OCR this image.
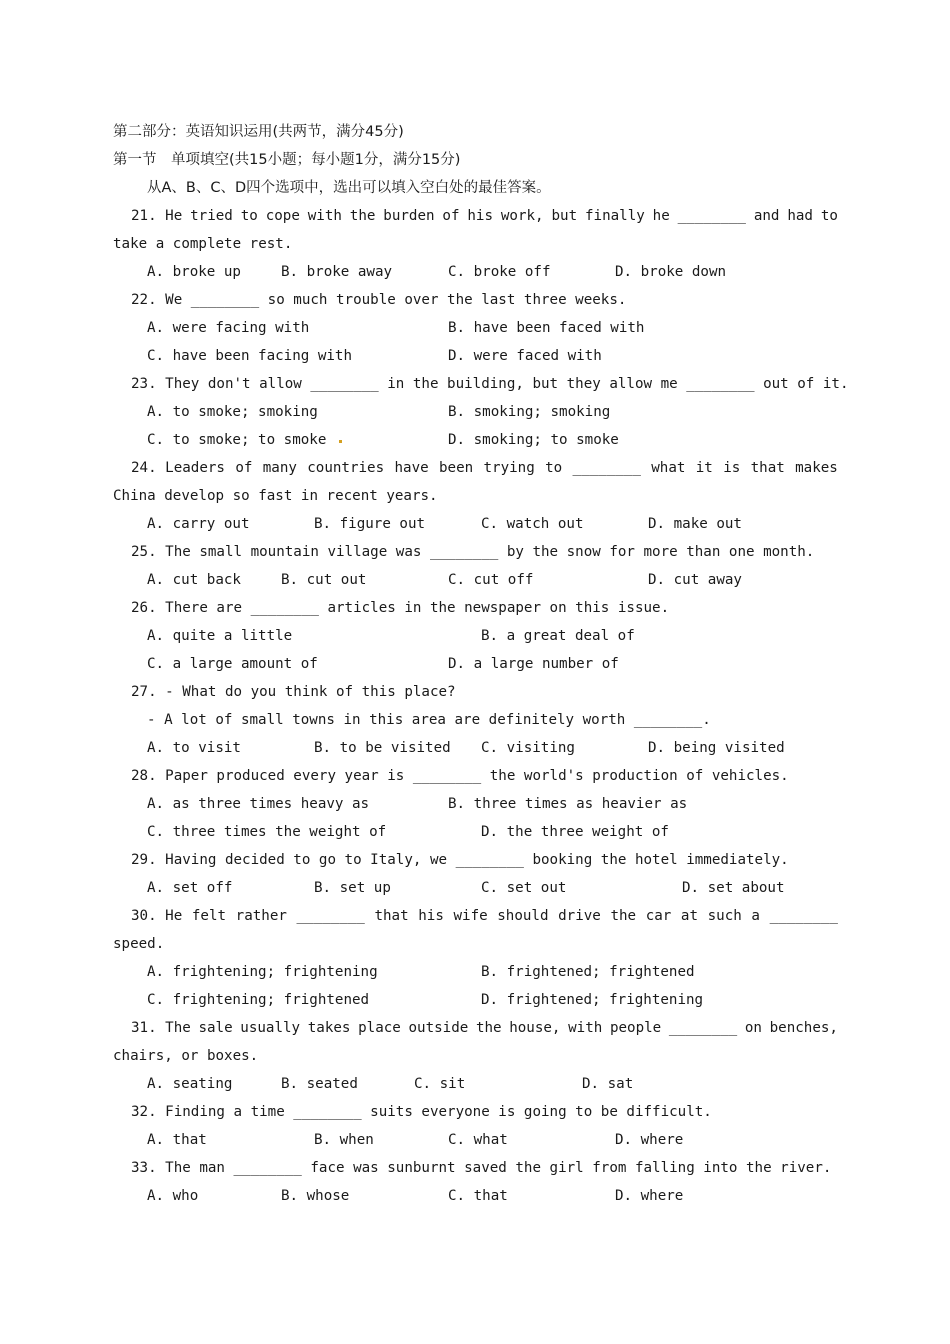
第二部分：英语知识运用(共两节，满分45分)
第一节　单项填空(共15小题；每小题1分，满分15分)
从A、B、C、D四个选项中，选出可以填入空白处的最佳答案。
21. He tried to cope with the burden of his work, but finally he ________ and had to
take a complete rest.
A. broke up	B. broke away	C. broke off	D. broke down
22. We ________ so much trouble over the last three weeks.
A. were facing with	B. have been faced with
C. have been facing with	D. were faced with
23. They don't allow ________ in the building, but they allow me ________ out of it.
A. to smoke; smoking	B. smoking; smoking
C. to smoke; to smoke	D. smoking; to smoke
24. Leaders of many countries have been trying to ________ what it is that makes
China develop so fast in recent years.
A. carry out	B. figure out	C. watch out	D. make out
25. The small mountain village was ________ by the snow for more than one month.
A. cut back	B. cut out	C. cut off	D. cut away
26. There are ________ articles in the newspaper on this issue.
A. quite a little	B. a great deal of
C. a large amount of	D. a large number of
27. - What do you think of this place?
- A lot of small towns in this area are definitely worth ________.
A. to visit	B. to be visited C. visiting	D. being visited
28. Paper produced every year is ________ the world's production of vehicles.
A. as three times heavy as	B. three times as heavier as
C. three times the weight of	D. the three weight of
29. Having decided to go to Italy, we ________ booking the hotel immediately.
A. set off	B. set up	C. set out	D. set about
30. He felt rather ________ that his wife should drive the car at such a ________
speed.
A. frightening; frightening	B. frightened; frightened
C. frightening; frightened	D. frightened; frightening
31. The sale usually takes place outside the house, with people ________ on benches,
chairs, or boxes.
A. seating	B. seated	C. sit	D. sat
32. Finding a time ________ suits everyone is going to be difficult.
A. that	B. when	C. what	D. where
33. The man ________ face was sunburnt saved the girl from falling into the river.
A. who	B. whose	C. that	D. where
